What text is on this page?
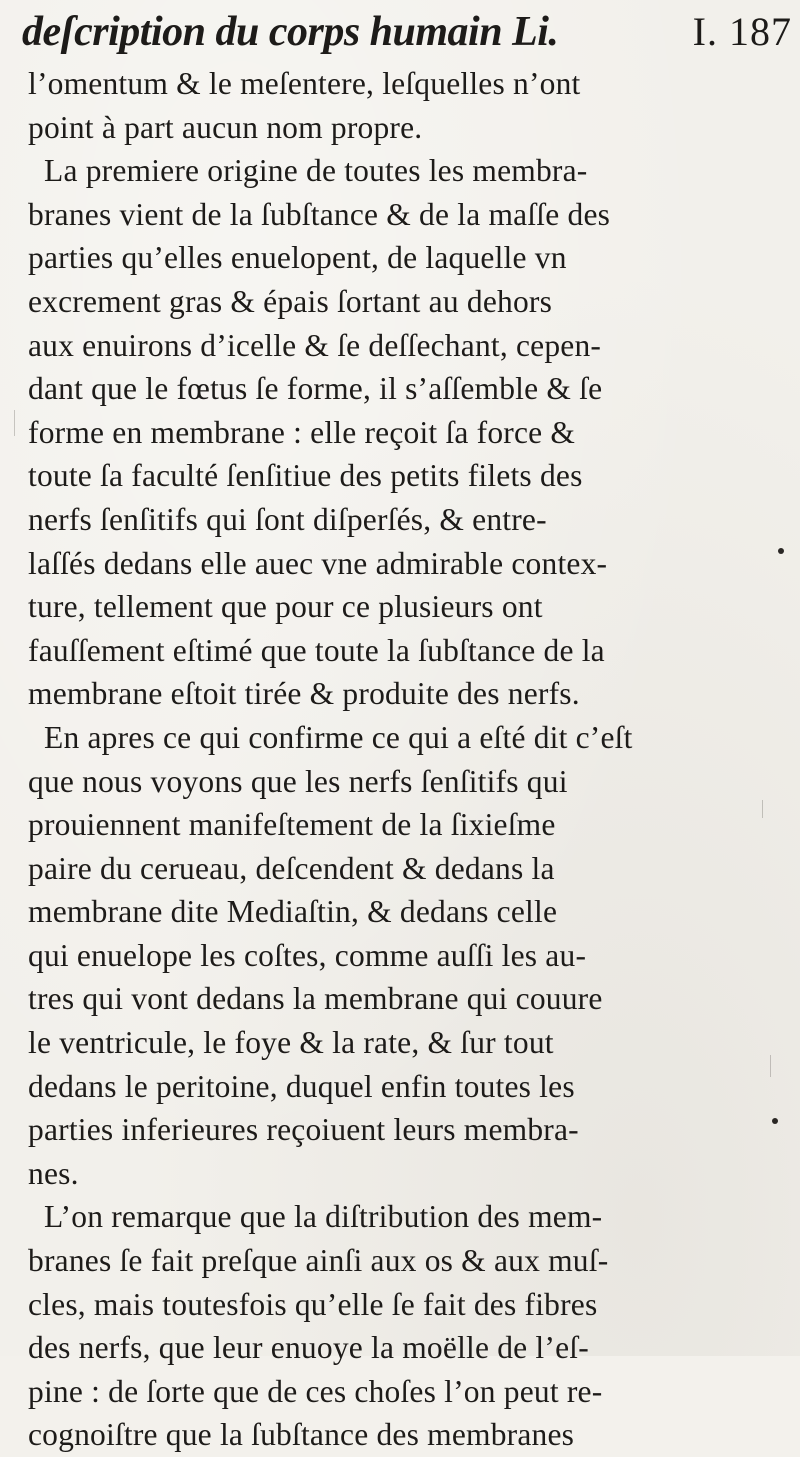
deſcription du corps humain Li.	I. 187
l’omentum & le meſentere, leſquelles n’ont
point à part aucun nom propre.
La premiere origine de toutes les membra-
branes vient de la ſubſtance & de la maſſe des
parties qu’elles enuelopent, de laquelle vn
excrement gras & épais ſortant au dehors
aux enuirons d’icelle & ſe deſſechant, cepen-
dant que le fœtus ſe forme, il s’aſſemble & ſe
forme en membrane : elle reçoit ſa force &
toute ſa faculté ſenſitiue des petits filets des
nerfs ſenſitifs qui ſont diſperſés, & entre-
laſſés dedans elle auec vne admirable contex-
ture, tellement que pour ce plusieurs ont
fauſſement eſtimé que toute la ſubſtance de la
membrane eſtoit tirée & produite des nerfs.
En apres ce qui confirme ce qui a eſté dit c’eſt
que nous voyons que les nerfs ſenſitifs qui
prouiennent manifeſtement de la ſixieſme
paire du cerueau, deſcendent & dedans la
membrane dite Mediaſtin, & dedans celle
qui enuelope les coſtes, comme auſſi les au-
tres qui vont dedans la membrane qui couure
le ventricule, le foye & la rate, & ſur tout
dedans le peritoine, duquel enfin toutes les
parties inferieures reçoiuent leurs membra-
nes.
L’on remarque que la diſtribution des mem-
branes ſe fait preſque ainſi aux os & aux muſ-
cles, mais toutesfois qu’elle ſe fait des fibres
des nerfs, que leur enuoye la moëlle de l’eſ-
pine : de ſorte que de ces choſes l’on peut re-
cognoiſtre que la ſubſtance des membranes
